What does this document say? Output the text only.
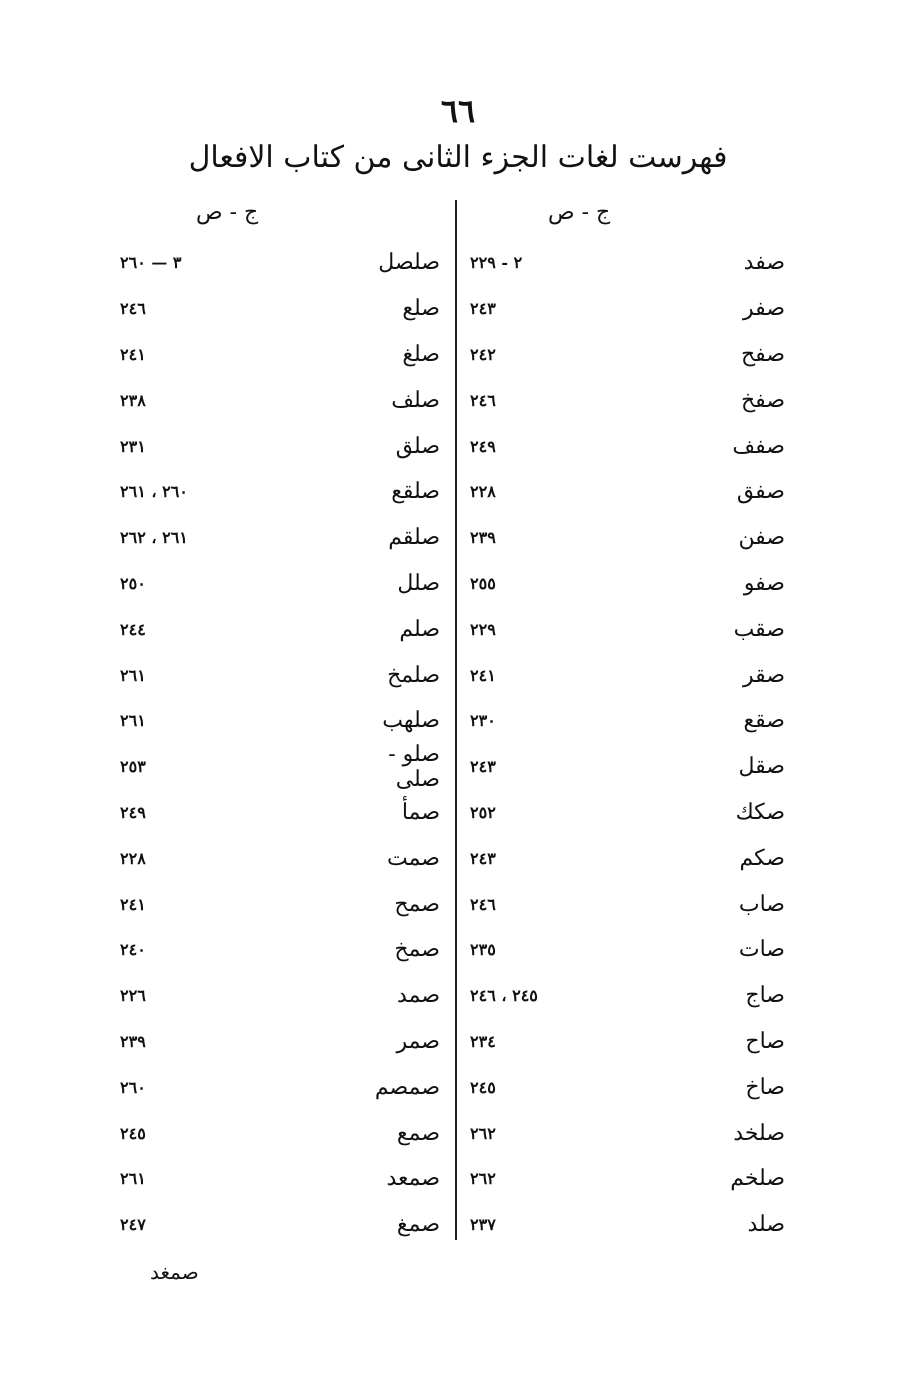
٦٦
فهرست لغات الجزء الثانى من كتاب الافعال
ج - ص
ج - ص
صفد
٢ - ٢٢٩
صفر
٢٤٣
صفح
٢٤٢
صفخ
٢٤٦
صفف
٢٤٩
صفق
٢٢٨
صفن
٢٣٩
صفو
٢٥٥
صقب
٢٢٩
صقر
٢٤١
صقع
٢٣٠
صقل
٢٤٣
صكك
٢٥٢
صكم
٢٤٣
صاب
٢٤٦
صات
٢٣٥
صاج
٢٤٥ ، ٢٤٦
صاح
٢٣٤
صاخ
٢٤٥
صلخد
٢٦٢
صلخم
٢٦٢
صلد
٢٣٧
صلصل
٣ — ٢٦٠
صلع
٢٤٦
صلغ
٢٤١
صلف
٢٣٨
صلق
٢٣١
صلقع
٢٦٠ ، ٢٦١
صلقم
٢٦١ ، ٢٦٢
صلل
٢٥٠
صلم
٢٤٤
صلمخ
٢٦١
صلهب
٢٦١
صلو - صلى
٢٥٣
صمأ
٢٤٩
صمت
٢٢٨
صمح
٢٤١
صمخ
٢٤٠
صمد
٢٢٦
صمر
٢٣٩
صمصم
٢٦٠
صمع
٢٤٥
صمعد
٢٦١
صمغ
٢٤٧
صمغد
